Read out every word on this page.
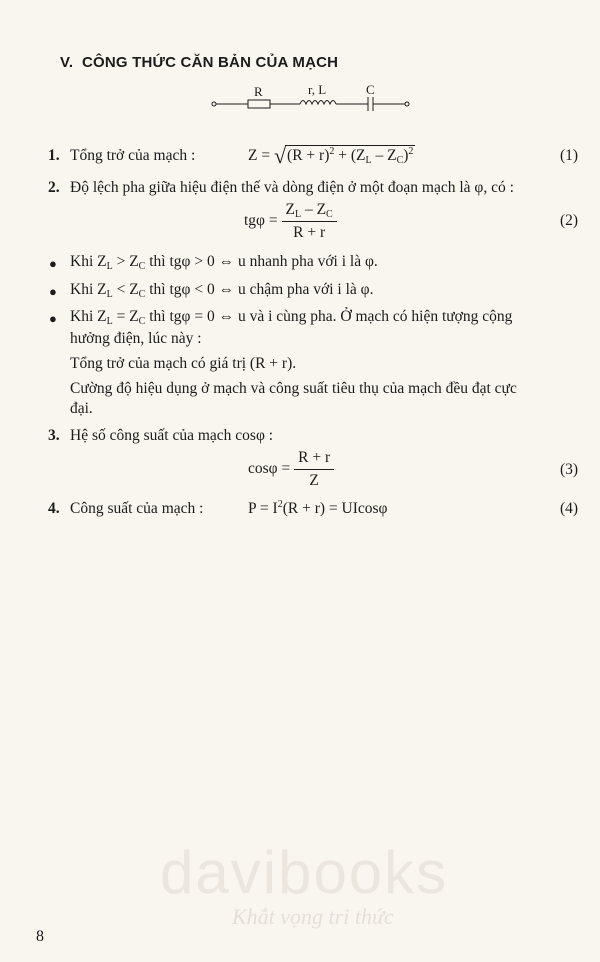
V. CÔNG THỨC CĂN BẢN CỦA MẠCH
R	r, L	C
1. Tổng trở của mạch :	$Z = √(R + r)^2 + (Z_L - Z_C)^2$	(1)
2. Độ lệch pha giữa hiệu điện thế và dòng điện ở một đoạn mạch là φ, có :
$tg\varphi = \frac{Z_L - Z_C}{R + r}$	(2)
● Khi $Z_L > Z_C$ thì tgφ > 0 ⇔ u nhanh pha với i là φ.
● Khi $Z_L < Z_C$ thì tgφ < 0 ⇔ u chậm pha với i là φ.
● Khi $Z_L = Z_C$ thì tgφ = 0 ⇔ u và i cùng pha. Ở mạch có hiện tượng cộng
hưởng điện, lúc này :
Tổng trở của mạch có giá trị (R + r).
Cường độ hiệu dụng ở mạch và công suất tiêu thụ của mạch đều đạt cực
đại.
3. Hệ số công suất của mạch cosφ :
$\cos\varphi = \frac{R + r}{Z}$	(3)
4. Công suất của mạch :	$P = I^2(R + r) = UIcos\varphi$	(4)
davibooks
Khắt vọng tri thức
8
